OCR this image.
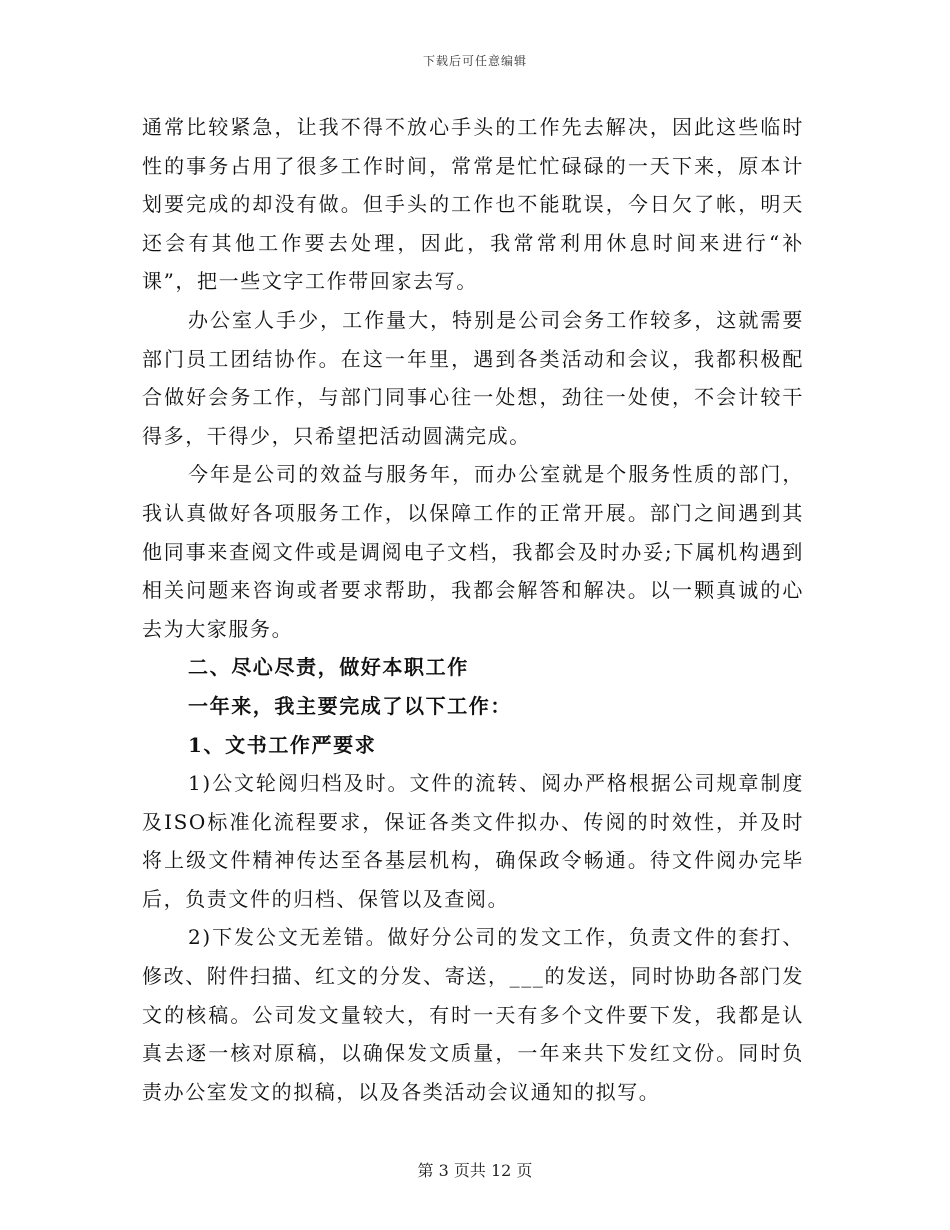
下载后可任意编辑

通常比较紧急，让我不得不放心手头的工作先去解决，因此这些临时性的事务占用了很多工作时间，常常是忙忙碌碌的一天下来，原本计划要完成的却没有做。但手头的工作也不能耽误，今日欠了帐，明天还会有其他工作要去处理，因此，我常常利用休息时间来进行“补课”，把一些文字工作带回家去写。

办公室人手少，工作量大，特别是公司会务工作较多，这就需要部门员工团结协作。在这一年里，遇到各类活动和会议，我都积极配合做好会务工作，与部门同事心往一处想，劲往一处使，不会计较干得多，干得少，只希望把活动圆满完成。

今年是公司的效益与服务年，而办公室就是个服务性质的部门，我认真做好各项服务工作，以保障工作的正常开展。部门之间遇到其他同事来查阅文件或是调阅电子文档，我都会及时办妥;下属机构遇到相关问题来咨询或者要求帮助，我都会解答和解决。以一颗真诚的心去为大家服务。

二、尽心尽责，做好本职工作

一年来，我主要完成了以下工作：

1、文书工作严要求

1)公文轮阅归档及时。文件的流转、阅办严格根据公司规章制度及ISO标准化流程要求，保证各类文件拟办、传阅的时效性，并及时将上级文件精神传达至各基层机构，确保政令畅通。待文件阅办完毕后，负责文件的归档、保管以及查阅。

2)下发公文无差错。做好分公司的发文工作，负责文件的套打、修改、附件扫描、红文的分发、寄送，___的发送，同时协助各部门发文的核稿。公司发文量较大，有时一天有多个文件要下发，我都是认真去逐一核对原稿，以确保发文质量，一年来共下发红文份。同时负责办公室发文的拟稿，以及各类活动会议通知的拟写。

第 3 页共 12 页
